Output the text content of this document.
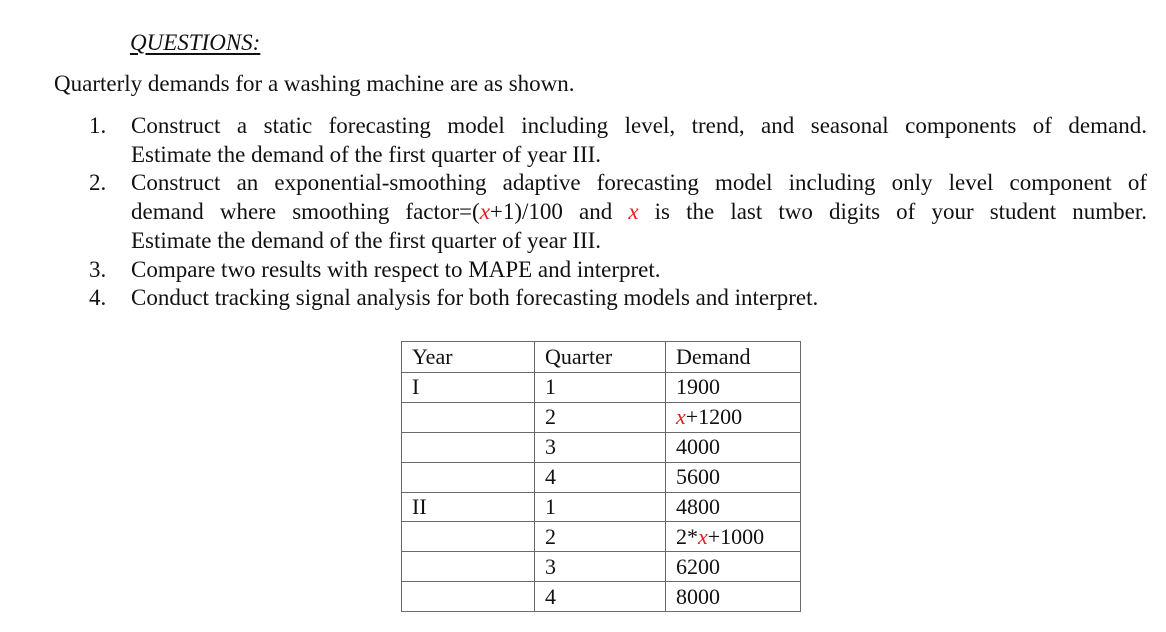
QUESTIONS:
Quarterly demands for a washing machine are as shown.
1. Construct a static forecasting model including level, trend, and seasonal components of demand.
Estimate the demand of the first quarter of year III.
2. Construct an exponential-smoothing adaptive forecasting model including only level component of
demand where smoothing factor=(x+1)/100 and x is the last two digits of your student number.
Estimate the demand of the first quarter of year III.
3. Compare two results with respect to MAPE and interpret.
4. Conduct tracking signal analysis for both forecasting models and interpret.
Year	Quarter	Demand
I	1	1900
	2	x+1200
	3	4000
	4	5600
II	1	4800
	2	2*x+1000
	3	6200
	4	8000
